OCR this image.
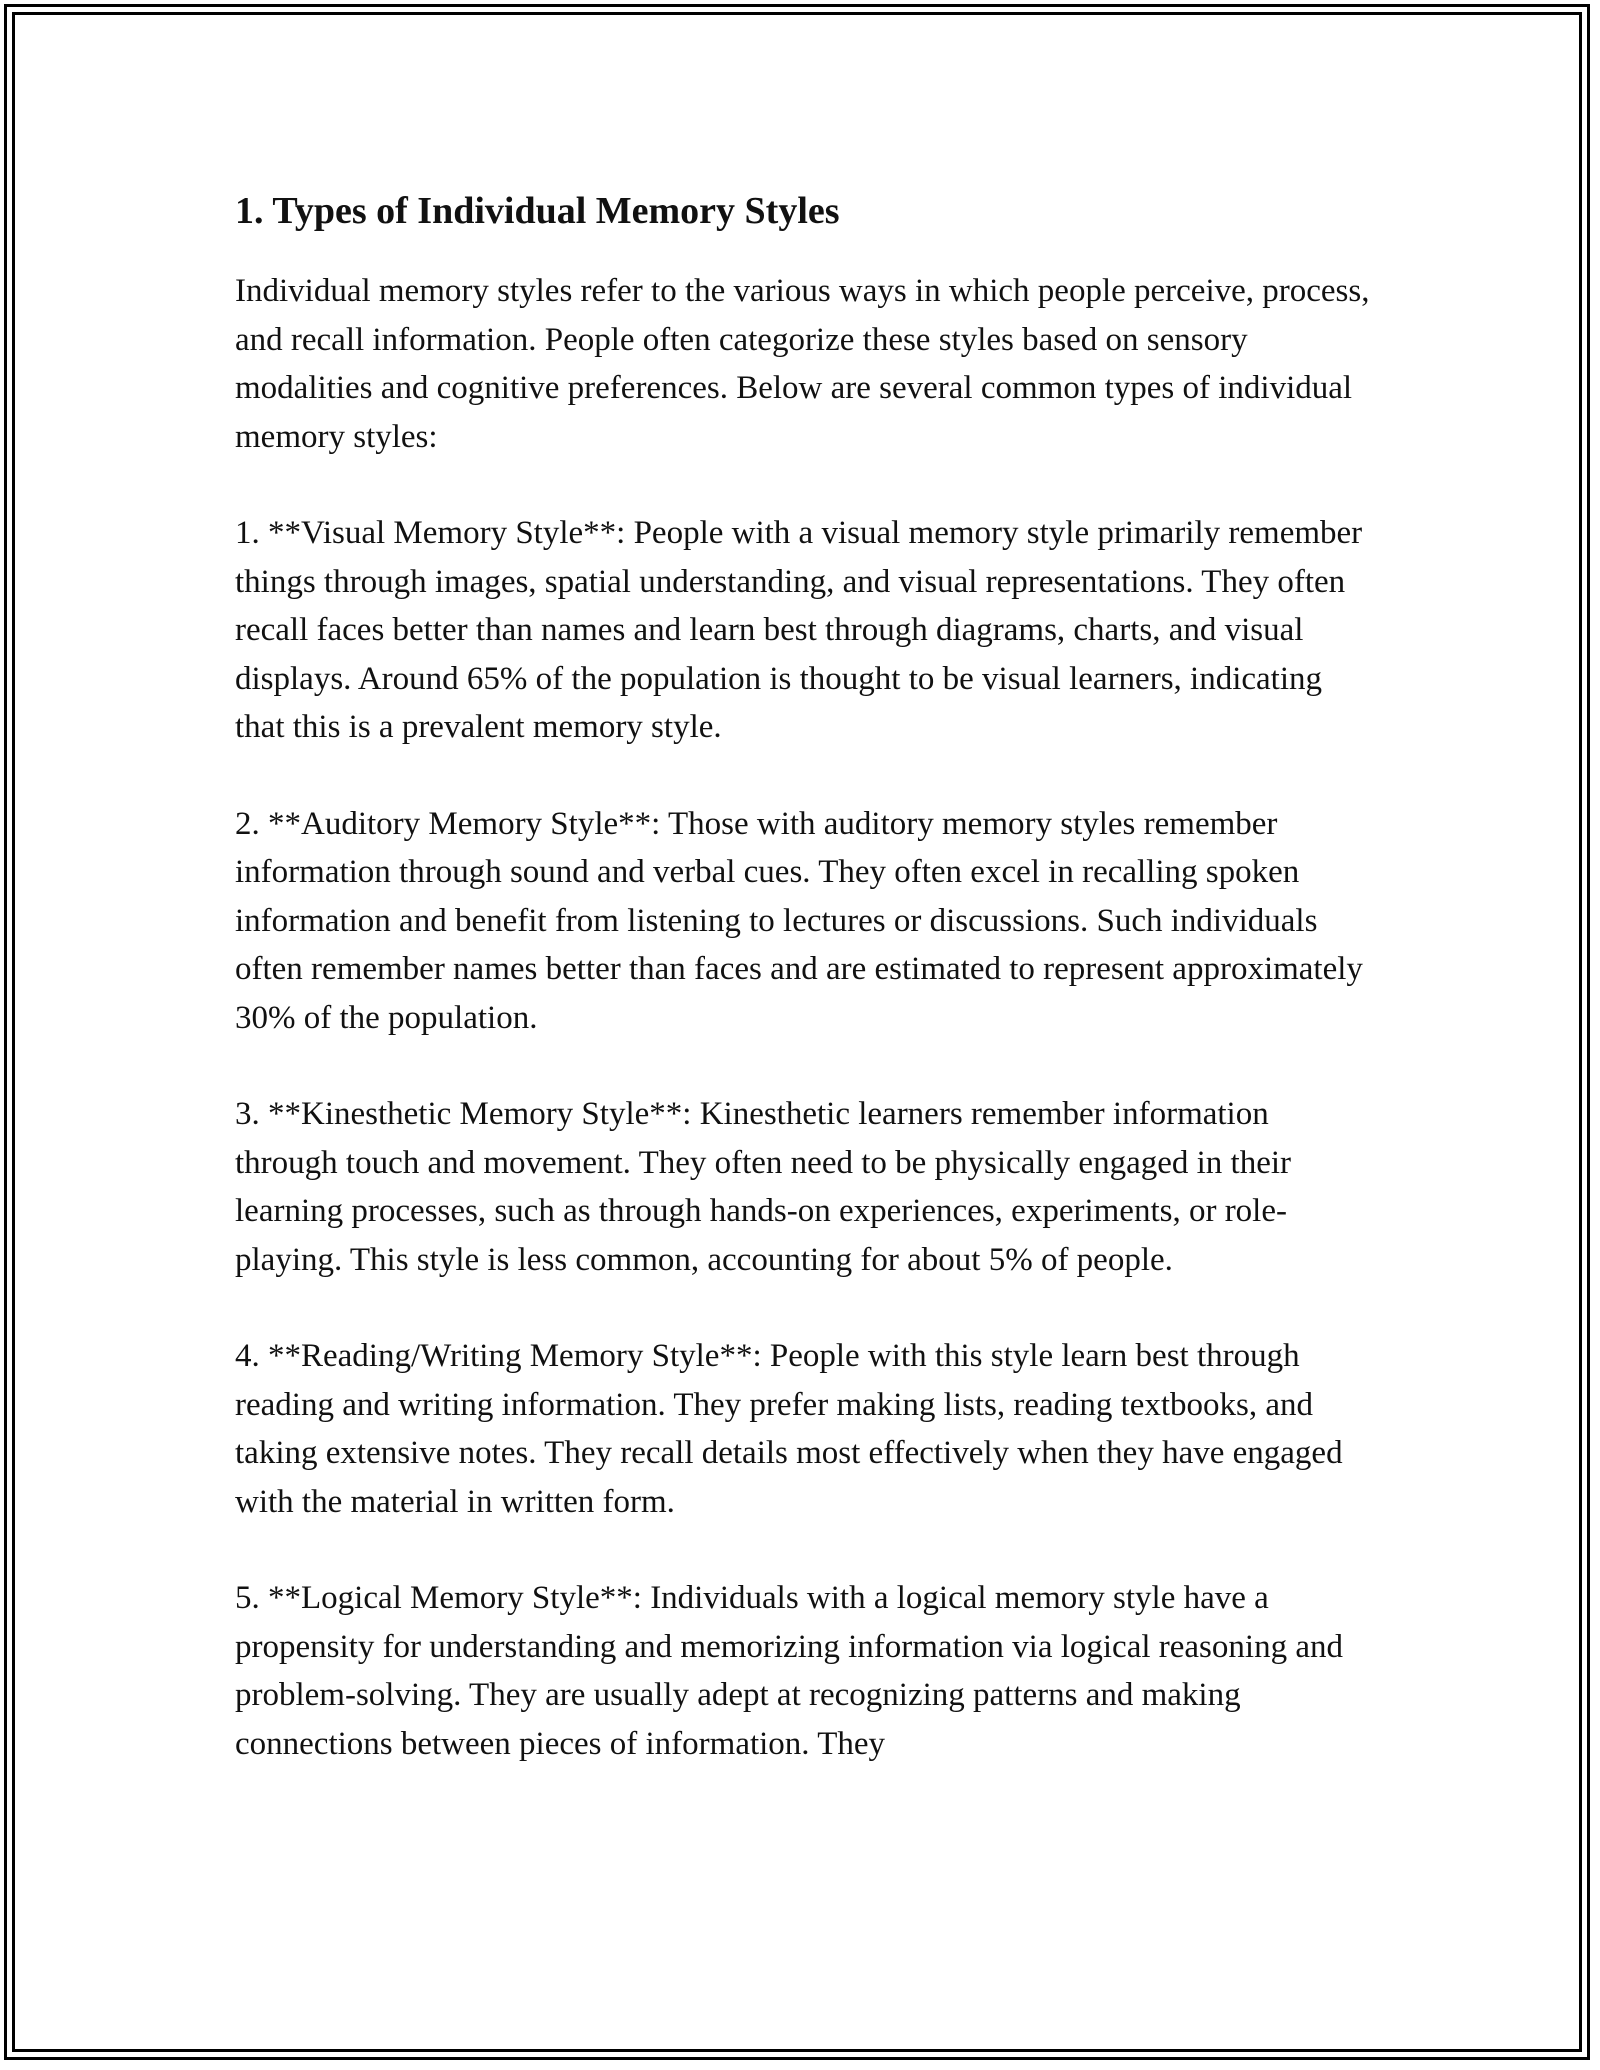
1. Types of Individual Memory Styles

Individual memory styles refer to the various ways in which people perceive, process, and recall information. People often categorize these styles based on sensory modalities and cognitive preferences. Below are several common types of individual memory styles:

1. **Visual Memory Style**: People with a visual memory style primarily remember things through images, spatial understanding, and visual representations. They often recall faces better than names and learn best through diagrams, charts, and visual displays. Around 65% of the population is thought to be visual learners, indicating that this is a prevalent memory style.

2. **Auditory Memory Style**: Those with auditory memory styles remember information through sound and verbal cues. They often excel in recalling spoken information and benefit from listening to lectures or discussions. Such individuals often remember names better than faces and are estimated to represent approximately 30% of the population.

3. **Kinesthetic Memory Style**: Kinesthetic learners remember information through touch and movement. They often need to be physically engaged in their learning processes, such as through hands-on experiences, experiments, or role-playing. This style is less common, accounting for about 5% of people.

4. **Reading/Writing Memory Style**: People with this style learn best through reading and writing information. They prefer making lists, reading textbooks, and taking extensive notes. They recall details most effectively when they have engaged with the material in written form.

5. **Logical Memory Style**: Individuals with a logical memory style have a propensity for understanding and memorizing information via logical reasoning and problem-solving. They are usually adept at recognizing patterns and making connections between pieces of information. They
